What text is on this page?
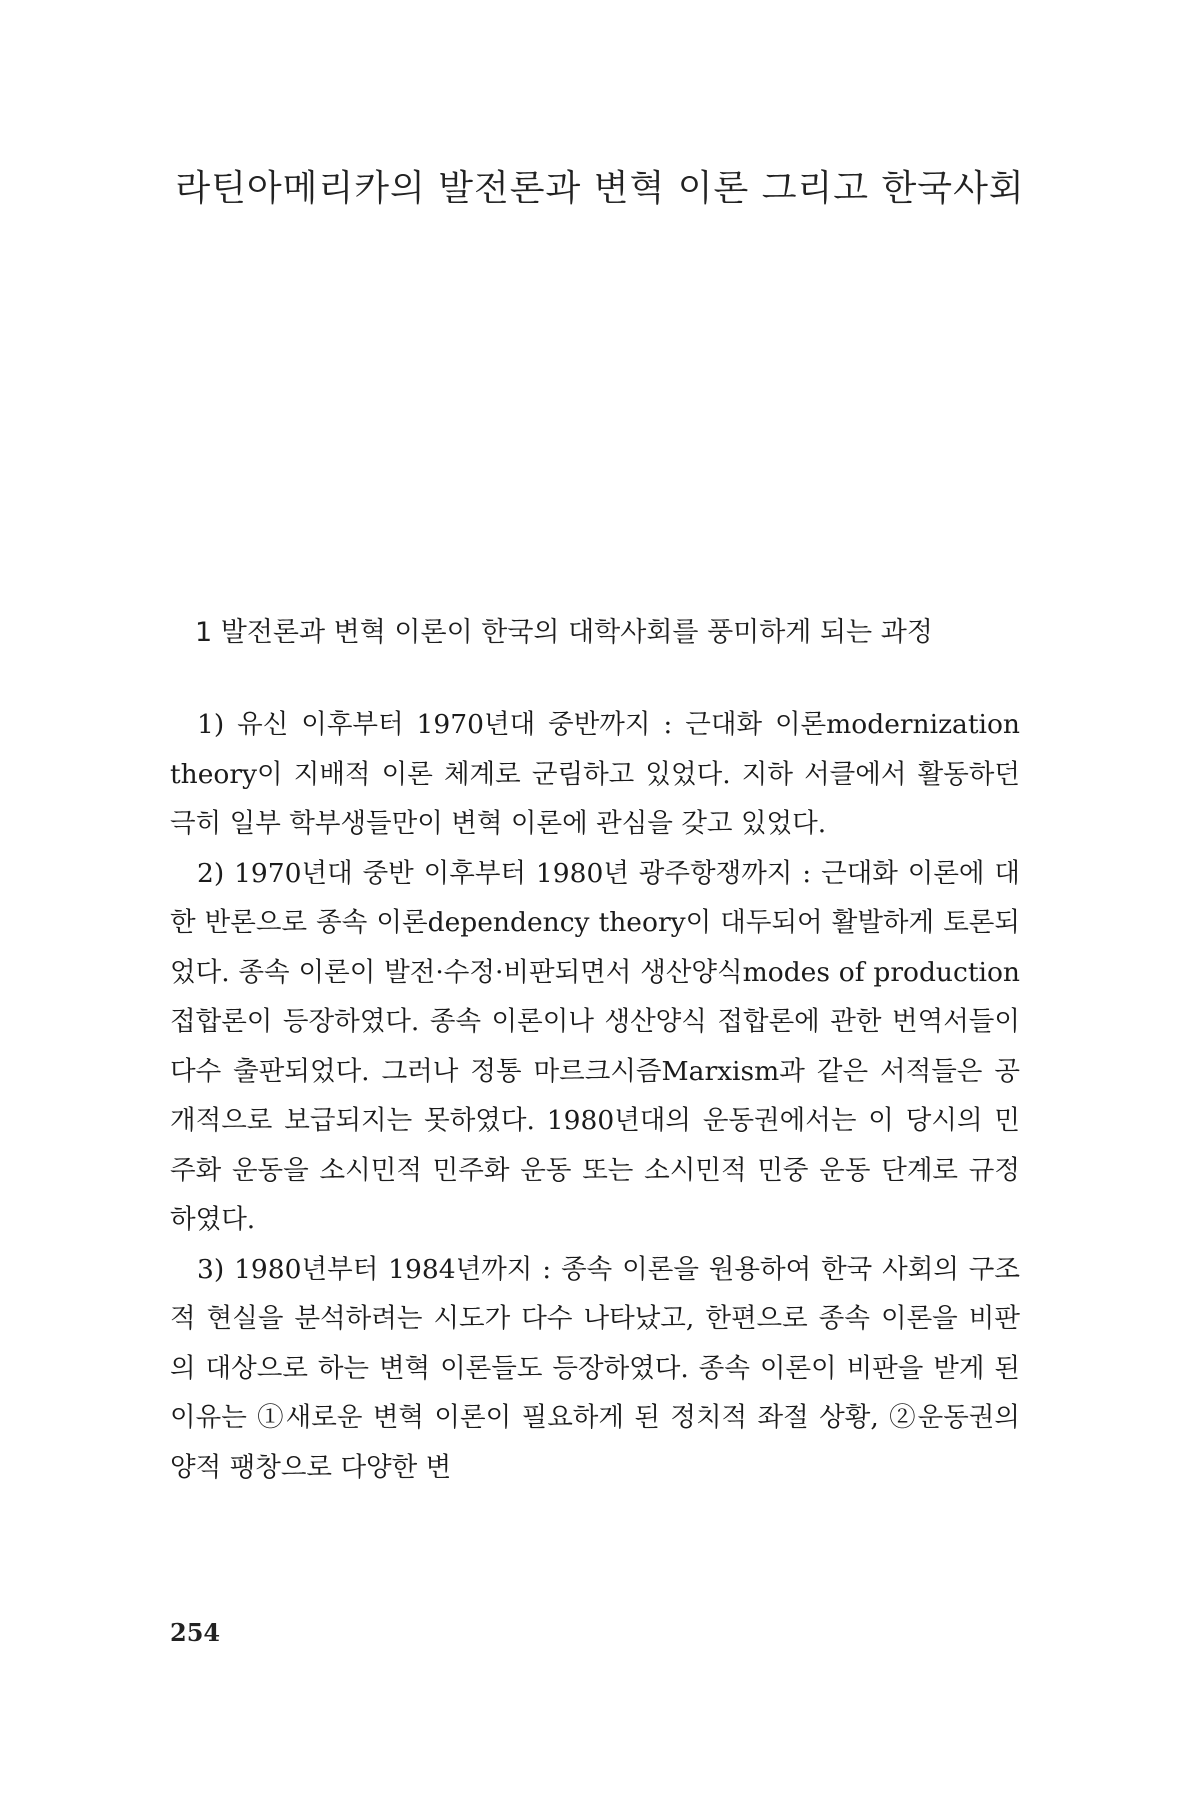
라틴아메리카의 발전론과 변혁 이론 그리고 한국사회
1 발전론과 변혁 이론이 한국의 대학사회를 풍미하게 되는 과정

1) 유신 이후부터 1970년대 중반까지 : 근대화 이론modernization theory이 지배적 이론 체계로 군림하고 있었다. 지하 서클에서 활동하던 극히 일부 학부생들만이 변혁 이론에 관심을 갖고 있었다.

2) 1970년대 중반 이후부터 1980년 광주항쟁까지 : 근대화 이론에 대한 반론으로 종속 이론dependency theory이 대두되어 활발하게 토론되었다. 종속 이론이 발전·수정·비판되면서 생산양식modes of production 접합론이 등장하였다. 종속 이론이나 생산양식 접합론에 관한 번역서들이 다수 출판되었다. 그러나 정통 마르크시즘Marxism과 같은 서적들은 공개적으로 보급되지는 못하였다. 1980년대의 운동권에서는 이 당시의 민주화 운동을 소시민적 민주화 운동 또는 소시민적 민중 운동 단계로 규정하였다.

3) 1980년부터 1984년까지 : 종속 이론을 원용하여 한국 사회의 구조적 현실을 분석하려는 시도가 다수 나타났고, 한편으로 종속 이론을 비판의 대상으로 하는 변혁 이론들도 등장하였다. 종속 이론이 비판을 받게 된 이유는 ①새로운 변혁 이론이 필요하게 된 정치적 좌절 상황, ②운동권의 양적 팽창으로 다양한 변

254
